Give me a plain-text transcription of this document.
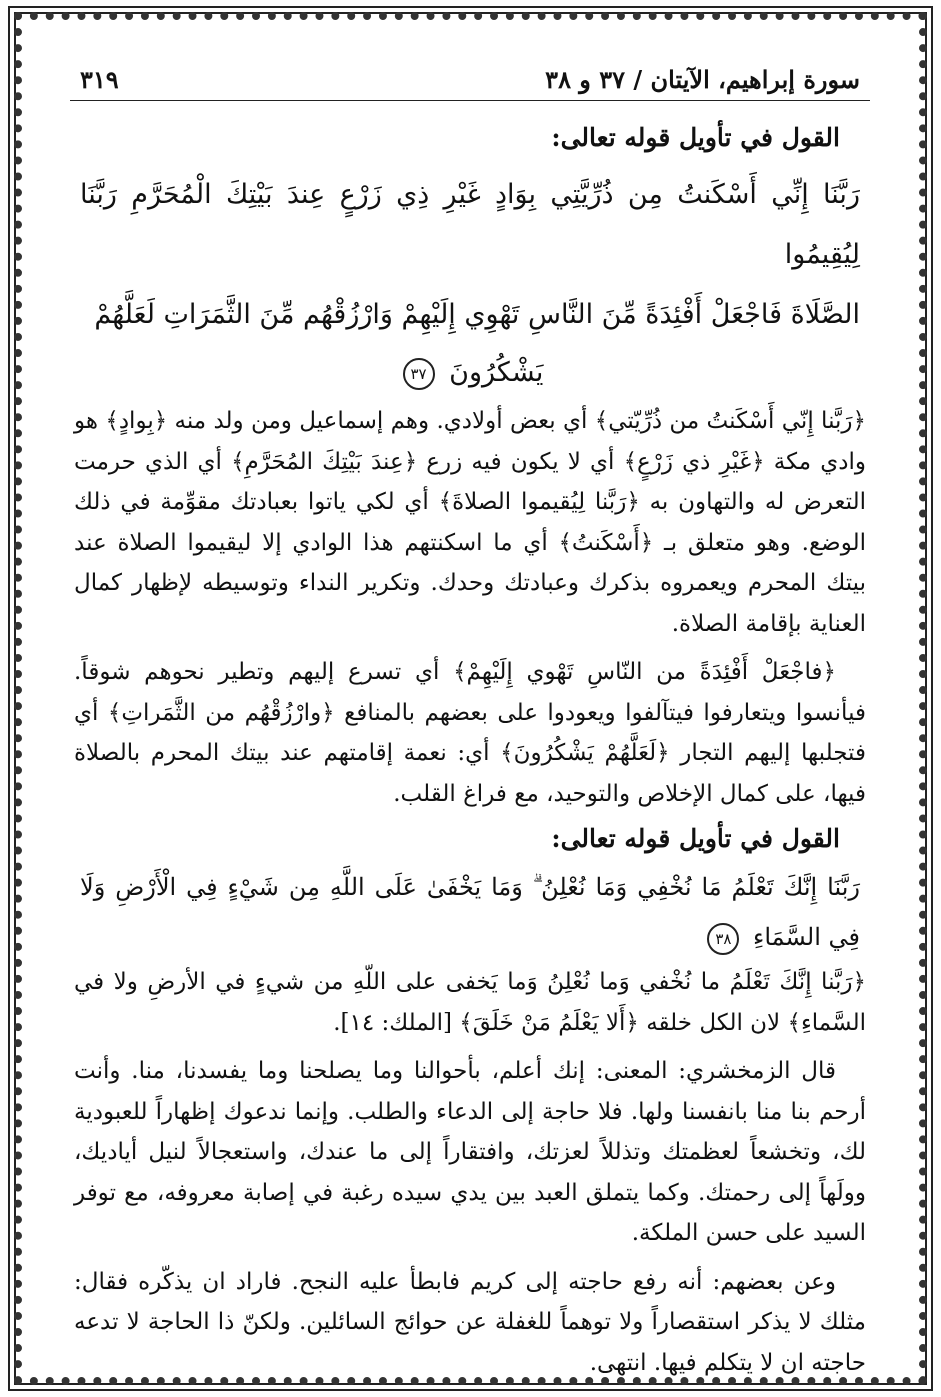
سورة إبراهيم، الآيتان / ٣٧ و ٣٨
٣١٩
القول في تأويل قوله تعالى:
رَبَّنَا إِنِّي أَسْكَنتُ مِن ذُرِّيَّتِي بِوَادٍ غَيْرِ ذِي زَرْعٍ عِندَ بَيْتِكَ الْمُحَرَّمِ رَبَّنَا لِيُقِيمُوا
الصَّلَاةَ فَاجْعَلْ أَفْئِدَةً مِّنَ النَّاسِ تَهْوِي إِلَيْهِمْ وَارْزُقْهُم مِّنَ الثَّمَرَاتِ لَعَلَّهُمْ
يَشْكُرُونَ ٣٧

﴿رَبَّنا إِنّي أَسْكَنتُ من ذُرِّيّتي﴾ أي بعض أولادي. وهم إسماعيل ومن ولد منه ﴿بِوادٍ﴾ هو وادي مكة ﴿غَيْرِ ذي زَرْعٍ﴾ أي لا يكون فيه زرع ﴿عِندَ بَيْتِكَ المُحَرَّمِ﴾ أي الذي حرمت التعرض له والتهاون به ﴿رَبَّنا لِيُقيموا الصلاةَ﴾ أي لكي ياتوا بعبادتك مقوِّمة في ذلك الوضع. وهو متعلق بـ ﴿أَسْكَنتُ﴾ أي ما اسكنتهم هذا الوادي إلا ليقيموا الصلاة عند بيتك المحرم ويعمروه بذكرك وعبادتك وحدك. وتكرير النداء وتوسيطه لإظهار كمال العناية بإقامة الصلاة.

﴿فاجْعَلْ أَفْئِدَةً من النّاسِ تَهْوي إِلَيْهِمْ﴾ أي تسرع إليهم وتطير نحوهم شوقاً. فيأنسوا ويتعارفوا فيتآلفوا ويعودوا على بعضهم بالمنافع ﴿وارْزُقْهُم من الثَّمَراتِ﴾ أي فتجلبها إليهم التجار ﴿لَعَلَّهُمْ يَشْكُرُونَ﴾ أي: نعمة إقامتهم عند بيتك المحرم بالصلاة فيها، على كمال الإخلاص والتوحيد، مع فراغ القلب.

القول في تأويل قوله تعالى:
رَبَّنَا إِنَّكَ تَعْلَمُ مَا نُخْفِي وَمَا نُعْلِنُ ۗ وَمَا يَخْفَىٰ عَلَى اللَّهِ مِن شَيْءٍ فِي الْأَرْضِ وَلَا فِي السَّمَاءِ ٣٨

﴿رَبَّنا إِنَّكَ تَعْلَمُ ما نُخْفي وَما نُعْلِنُ وَما يَخفى على اللّهِ من شيءٍ في الأرضِ ولا في السَّماءِ﴾ لان الكل خلقه ﴿أَلا يَعْلَمُ مَنْ خَلَقَ﴾ [الملك: ١٤].

قال الزمخشري: المعنى: إنك أعلم، بأحوالنا وما يصلحنا وما يفسدنا، منا. وأنت أرحم بنا منا بانفسنا ولها. فلا حاجة إلى الدعاء والطلب. وإنما ندعوك إظهاراً للعبودية لك، وتخشعاً لعظمتك وتذللاً لعزتك، وافتقاراً إلى ما عندك، واستعجالاً لنيل أياديك، وولَهاً إلى رحمتك. وكما يتملق العبد بين يدي سيده رغبة في إصابة معروفه، مع توفر السيد على حسن الملكة.

وعن بعضهم: أنه رفع حاجته إلى كريم فابطأ عليه النجح. فاراد ان يذكّره فقال: مثلك لا يذكر استقصاراً ولا توهماً للغفلة عن حوائج السائلين. ولكنّ ذا الحاجة لا تدعه حاجته ان لا يتكلم فيها. انتهى.
